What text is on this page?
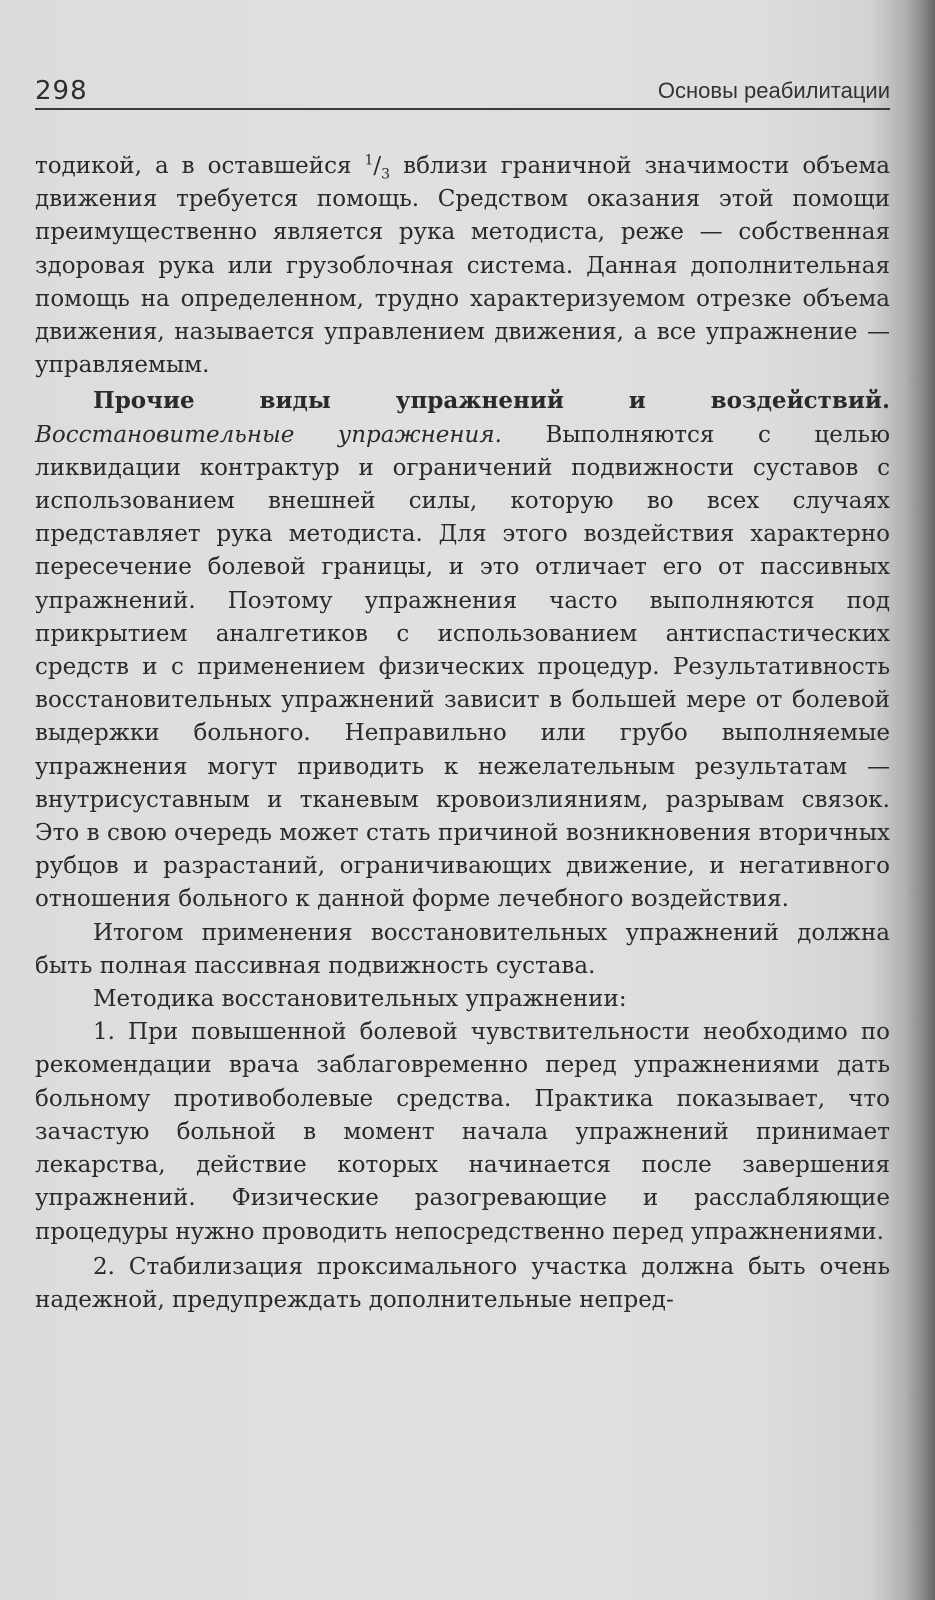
298	Основы реабилитации

тодикой, а в оставшейся $^1/_3$ вблизи граничной значимости объема движения требуется помощь. Средством оказания этой помощи преимущественно является рука методиста, реже — собственная здоровая рука или грузоблочная система. Данная дополнительная помощь на определенном, трудно характеризуемом отрезке объема движения, называется управлением движения, а все упражнение — управляемым.

Прочие виды упражнений и воздействий. Восстановительные упражнения. Выполняются с целью ликвидации контрактур и ограничений подвижности суставов с использованием внешней силы, которую во всех случаях представляет рука методиста. Для этого воздействия характерно пересечение болевой границы, и это отличает его от пассивных упражнений. Поэтому упражнения часто выполняются под прикрытием аналгетиков с использованием антиспастических средств и с применением физических процедур. Результативность восстановительных упражнений зависит в большей мере от болевой выдержки больного. Неправильно или грубо выполняемые упражнения могут приводить к нежелательным результатам — внутрисуставным и тканевым кровоизлияниям, разрывам связок. Это в свою очередь может стать причиной возникновения вторичных рубцов и разрастаний, ограничивающих движение, и негативного отношения больного к данной форме лечебного воздействия.

Итогом применения восстановительных упражнений должна быть полная пассивная подвижность сустава.

Методика восстановительных упражнении:

1. При повышенной болевой чувствительности необходимо по рекомендации врача заблаговременно перед упражнениями дать больному противоболевые средства. Практика показывает, что зачастую больной в момент начала упражнений принимает лекарства, действие которых начинается после завершения упражнений. Физические разогревающие и расслабляющие процедуры нужно проводить непосредственно перед упражнениями.

2. Стабилизация проксимального участка должна быть очень надежной, предупреждать дополнительные непред-
